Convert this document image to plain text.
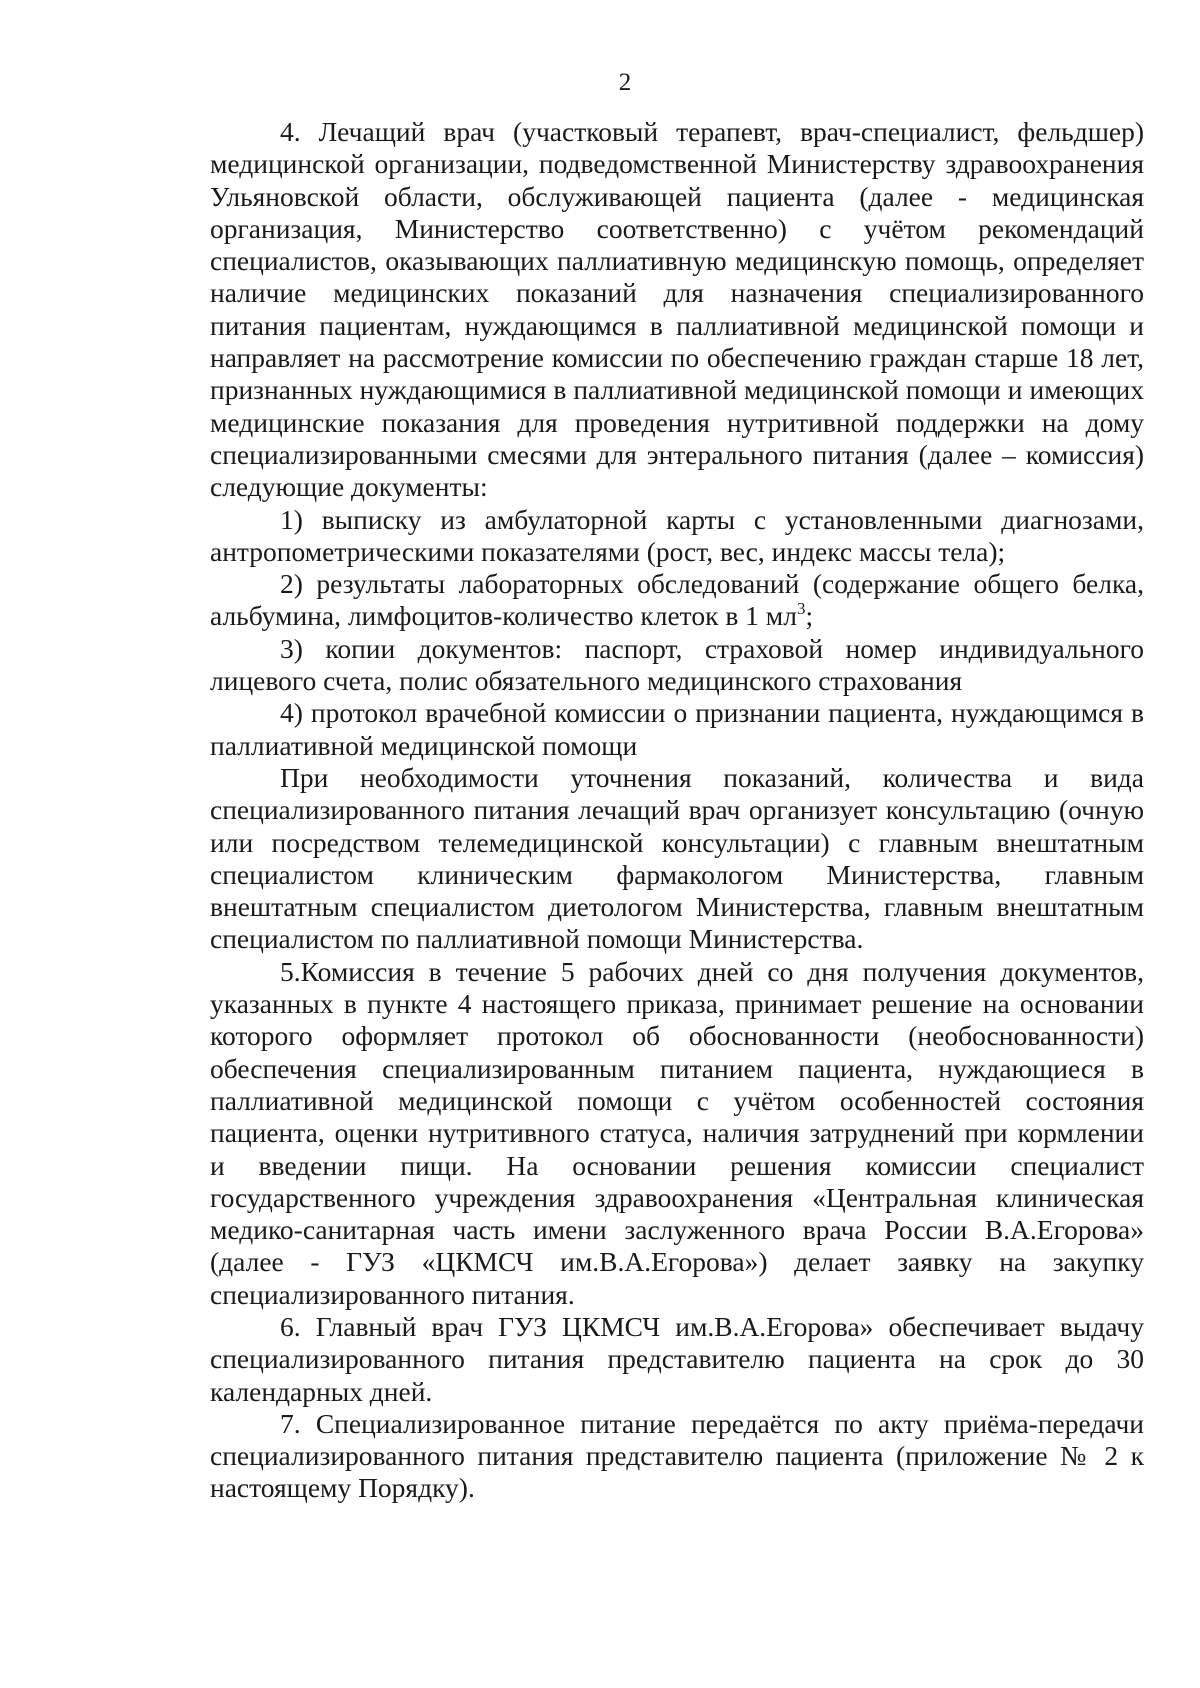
2

4. Лечащий врач (участковый терапевт, врач-специалист, фельдшер) медицинской организации, подведомственной Министерству здравоохранения Ульяновской области, обслуживающей пациента (далее - медицинская организация, Министерство соответственно) с учётом рекомендаций специалистов, оказывающих паллиативную медицинскую помощь, определяет наличие медицинских показаний для назначения специализированного питания пациентам, нуждающимся в паллиативной медицинской помощи и направляет на рассмотрение комиссии по обеспечению граждан старше 18 лет, признанных нуждающимися в паллиативной медицинской помощи и имеющих медицинские показания для проведения нутритивной поддержки на дому специализированными смесями для энтерального питания (далее – комиссия) следующие документы:

1) выписку из амбулаторной карты с установленными диагнозами, антропометрическими показателями (рост, вес, индекс массы тела);

2) результаты лабораторных обследований (содержание общего белка, альбумина, лимфоцитов-количество клеток в 1 $мл^3$;

3) копии документов: паспорт, страховой номер индивидуального лицевого счета, полис обязательного медицинского страхования

4) протокол врачебной комиссии о признании пациента, нуждающимся в паллиативной медицинской помощи

При необходимости уточнения показаний, количества и вида специализированного питания лечащий врач организует консультацию (очную или посредством телемедицинской консультации) с главным внештатным специалистом клиническим фармакологом Министерства, главным внештатным специалистом диетологом Министерства, главным внештатным специалистом по паллиативной помощи Министерства.

5.Комиссия в течение 5 рабочих дней со дня получения документов, указанных в пункте 4 настоящего приказа, принимает решение на основании которого оформляет протокол об обоснованности (необоснованности) обеспечения специализированным питанием пациента, нуждающиеся в паллиативной медицинской помощи с учётом особенностей состояния пациента, оценки нутритивного статуса, наличия затруднений при кормлении и введении пищи. На основании решения комиссии специалист государственного учреждения здравоохранения «Центральная клиническая медико-санитарная часть имени заслуженного врача России В.А.Егорова» (далее - ГУЗ «ЦКМСЧ им.В.А.Егорова») делает заявку на закупку специализированного питания.

6. Главный врач ГУЗ ЦКМСЧ им.В.А.Егорова» обеспечивает выдачу специализированного питания представителю пациента на срок до 30 календарных дней.

7. Специализированное питание передаётся по акту приёма-передачи специализированного питания представителю пациента (приложение № 2 к настоящему Порядку).
